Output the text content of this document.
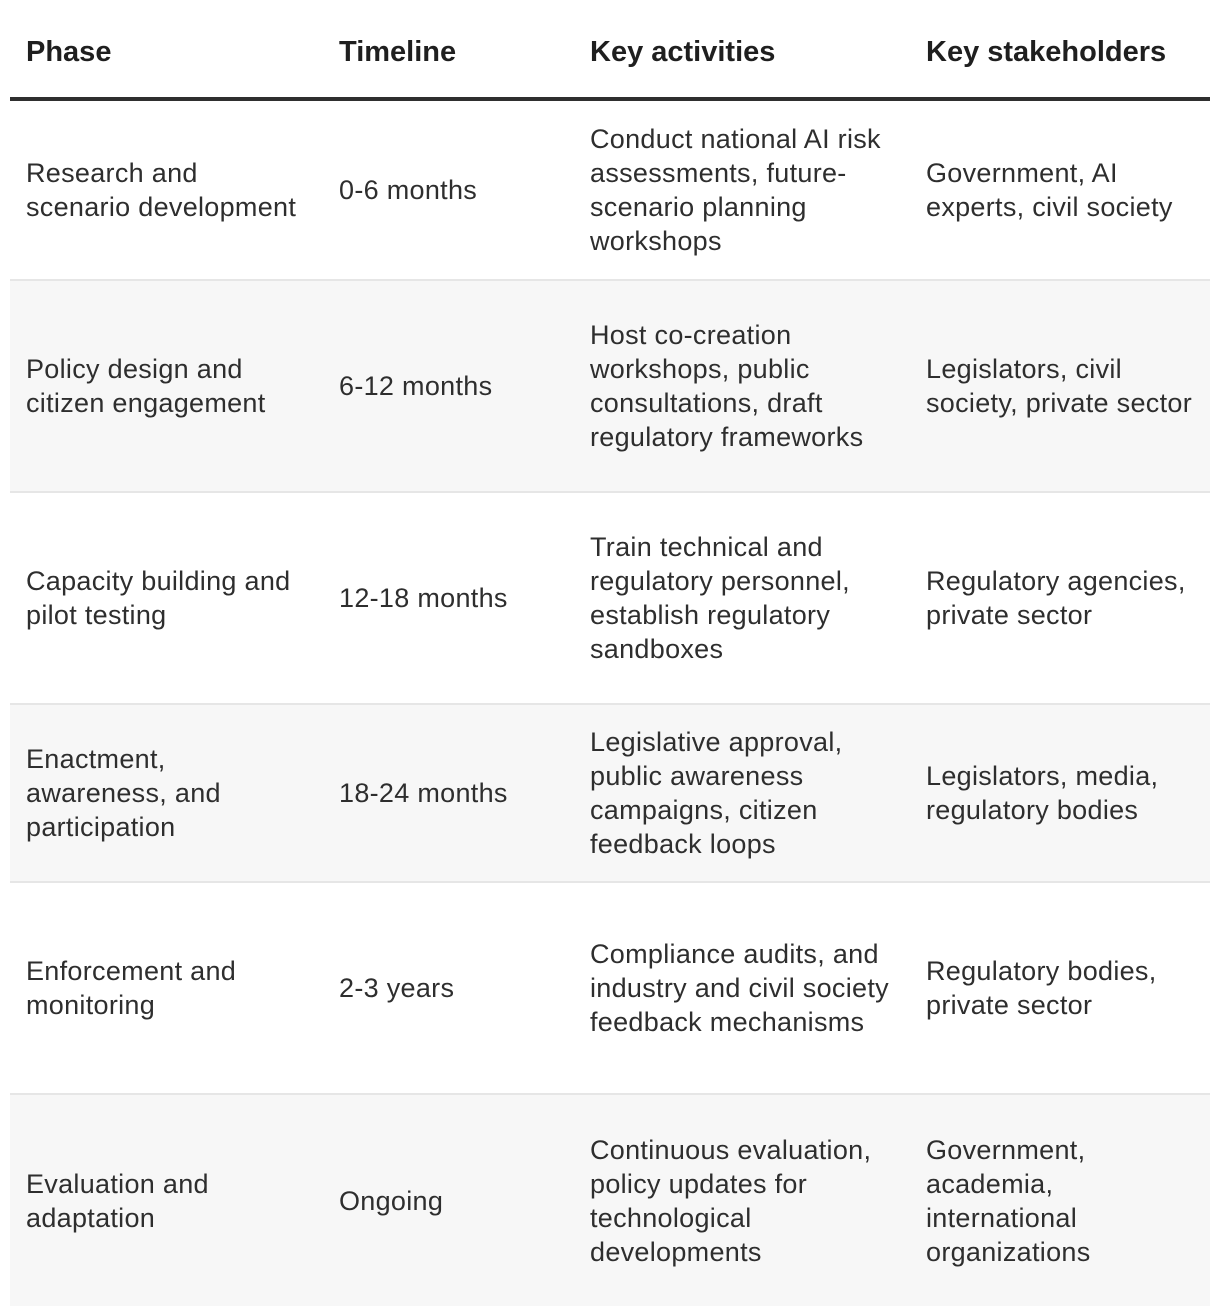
Phase	Timeline	Key activities	Key stakeholders
Research and scenario development	0-6 months	Conduct national AI risk assessments, future-scenario planning workshops	Government, AI experts, civil society
Policy design and citizen engagement	6-12 months	Host co-creation workshops, public consultations, draft regulatory frameworks	Legislators, civil society, private sector
Capacity building and pilot testing	12-18 months	Train technical and regulatory personnel, establish regulatory sandboxes	Regulatory agencies, private sector
Enactment, awareness, and participation	18-24 months	Legislative approval, public awareness campaigns, citizen feedback loops	Legislators, media, regulatory bodies
Enforcement and monitoring	2-3 years	Compliance audits, and industry and civil society feedback mechanisms	Regulatory bodies, private sector
Evaluation and adaptation	Ongoing	Continuous evaluation, policy updates for technological developments	Government, academia, international organizations
